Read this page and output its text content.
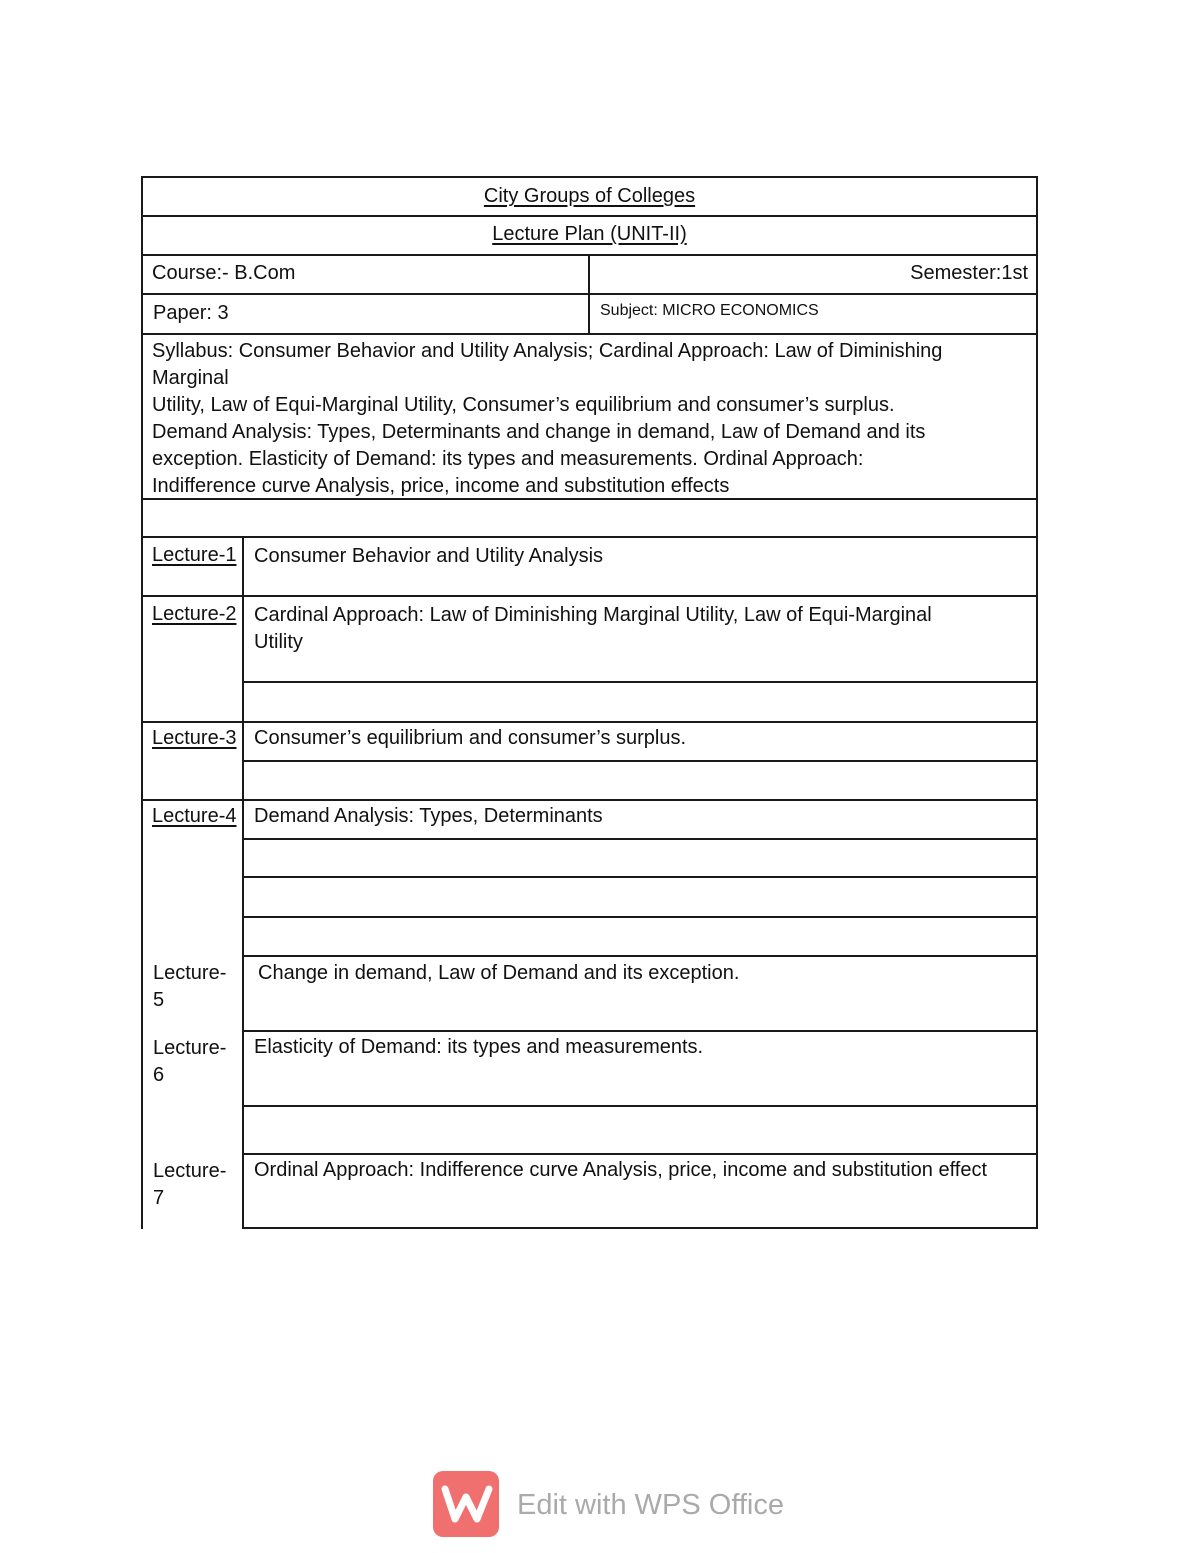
City Groups of Colleges
Lecture Plan (UNIT-II)
Course:- B.Com	Semester:1st
Paper: 3	Subject: MICRO ECONOMICS
Syllabus: Consumer Behavior and Utility Analysis; Cardinal Approach: Law of Diminishing
Marginal
Utility, Law of Equi-Marginal Utility, Consumer’s equilibrium and consumer’s surplus.
Demand Analysis: Types, Determinants and change in demand, Law of Demand and its
exception. Elasticity of Demand: its types and measurements. Ordinal Approach:
Indifference curve Analysis, price, income and substitution effects
Lecture-1 Consumer Behavior and Utility Analysis
Lecture-2 Cardinal Approach: Law of Diminishing Marginal Utility, Law of Equi-Marginal
Utility
Lecture-3 Consumer’s equilibrium and consumer’s surplus.
Lecture-4 Demand Analysis: Types, Determinants
Lecture-
5
Change in demand, Law of Demand and its exception.
Lecture-
6
Elasticity of Demand: its types and measurements.
Lecture-
7
Ordinal Approach: Indifference curve Analysis, price, income and substitution effect
Edit with WPS Office
